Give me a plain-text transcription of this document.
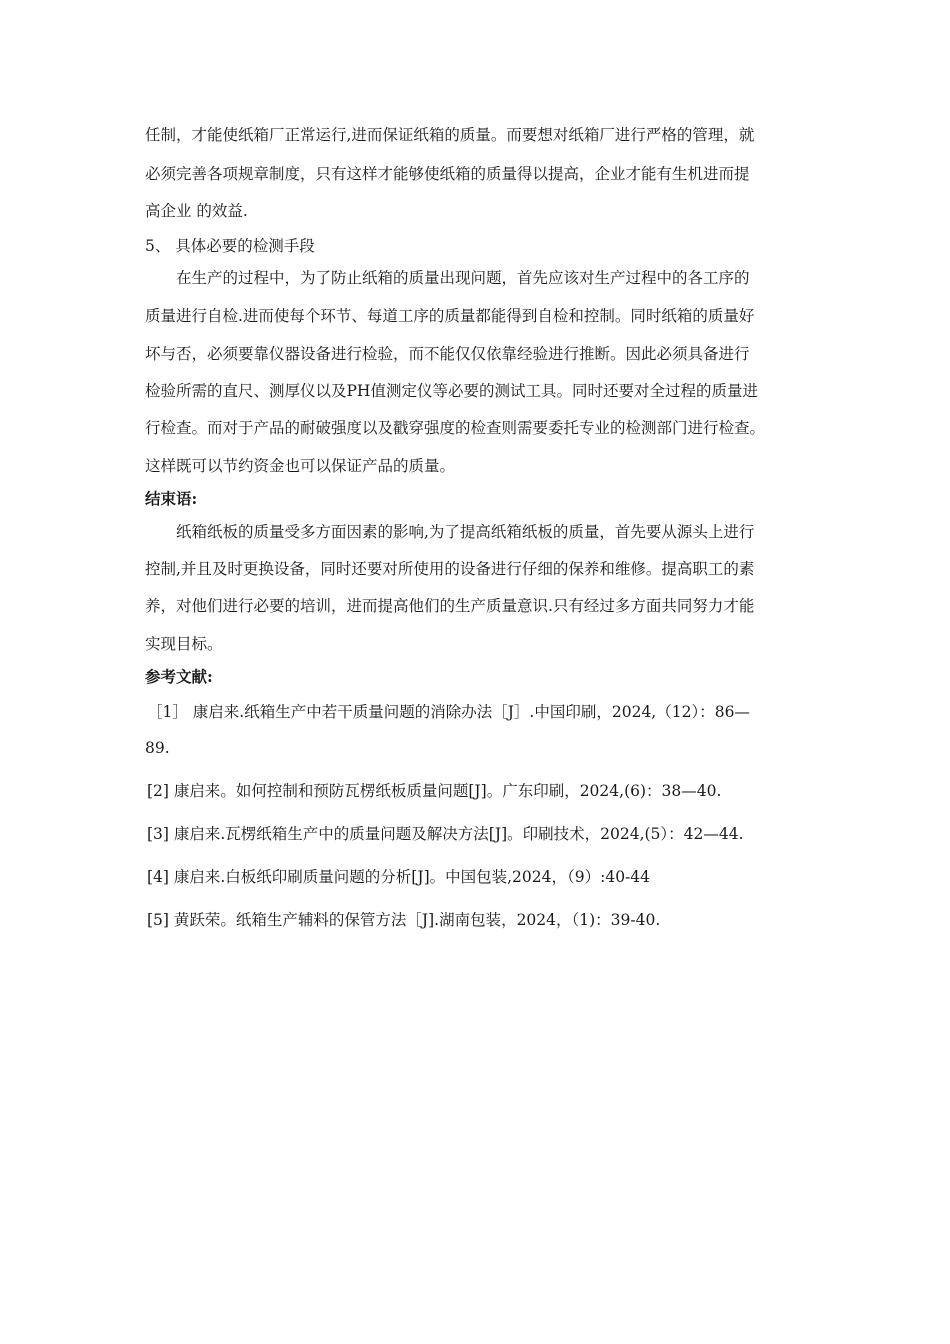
任制，才能使纸箱厂正常运行,进而保证纸箱的质量。而要想对纸箱厂进行严格的管理，就
必须完善各项规章制度，只有这样才能够使纸箱的质量得以提高，企业才能有生机进而提
高企业 的效益.
5、 具体必要的检测手段
在生产的过程中，为了防止纸箱的质量出现问题，首先应该对生产过程中的各工序的
质量进行自检.进而使每个环节、每道工序的质量都能得到自检和控制。同时纸箱的质量好
坏与否，必须要靠仪器设备进行检验，而不能仅仅依靠经验进行推断。因此必须具备进行
检验所需的直尺、测厚仪以及PH值测定仪等必要的测试工具。同时还要对全过程的质量进
行检查。而对于产品的耐破强度以及戳穿强度的检查则需要委托专业的检测部门进行检查。
这样既可以节约资金也可以保证产品的质量。
结束语:
纸箱纸板的质量受多方面因素的影响,为了提高纸箱纸板的质量，首先要从源头上进行
控制,并且及时更换设备，同时还要对所使用的设备进行仔细的保养和维修。提高职工的素
养，对他们进行必要的培训，进而提高他们的生产质量意识.只有经过多方面共同努力才能
实现目标。
参考文献:
［1］ 康启来.纸箱生产中若干质量问题的消除办法［J］.中国印刷，2024,（12）：86—
89.
[2] 康启来。如何控制和预防瓦楞纸板质量问题[J]。广东印刷，2024,(6)：38—40.
[3] 康启来.瓦楞纸箱生产中的质量问题及解决方法[J]。印刷技术，2024,(5）：42—44.
[4] 康启来.白板纸印刷质量问题的分析[J]。中国包装,2024，（9）:40-44
[5] 黄跃荣。纸箱生产辅料的保管方法［J].湖南包装，2024，（1)：39-40.
